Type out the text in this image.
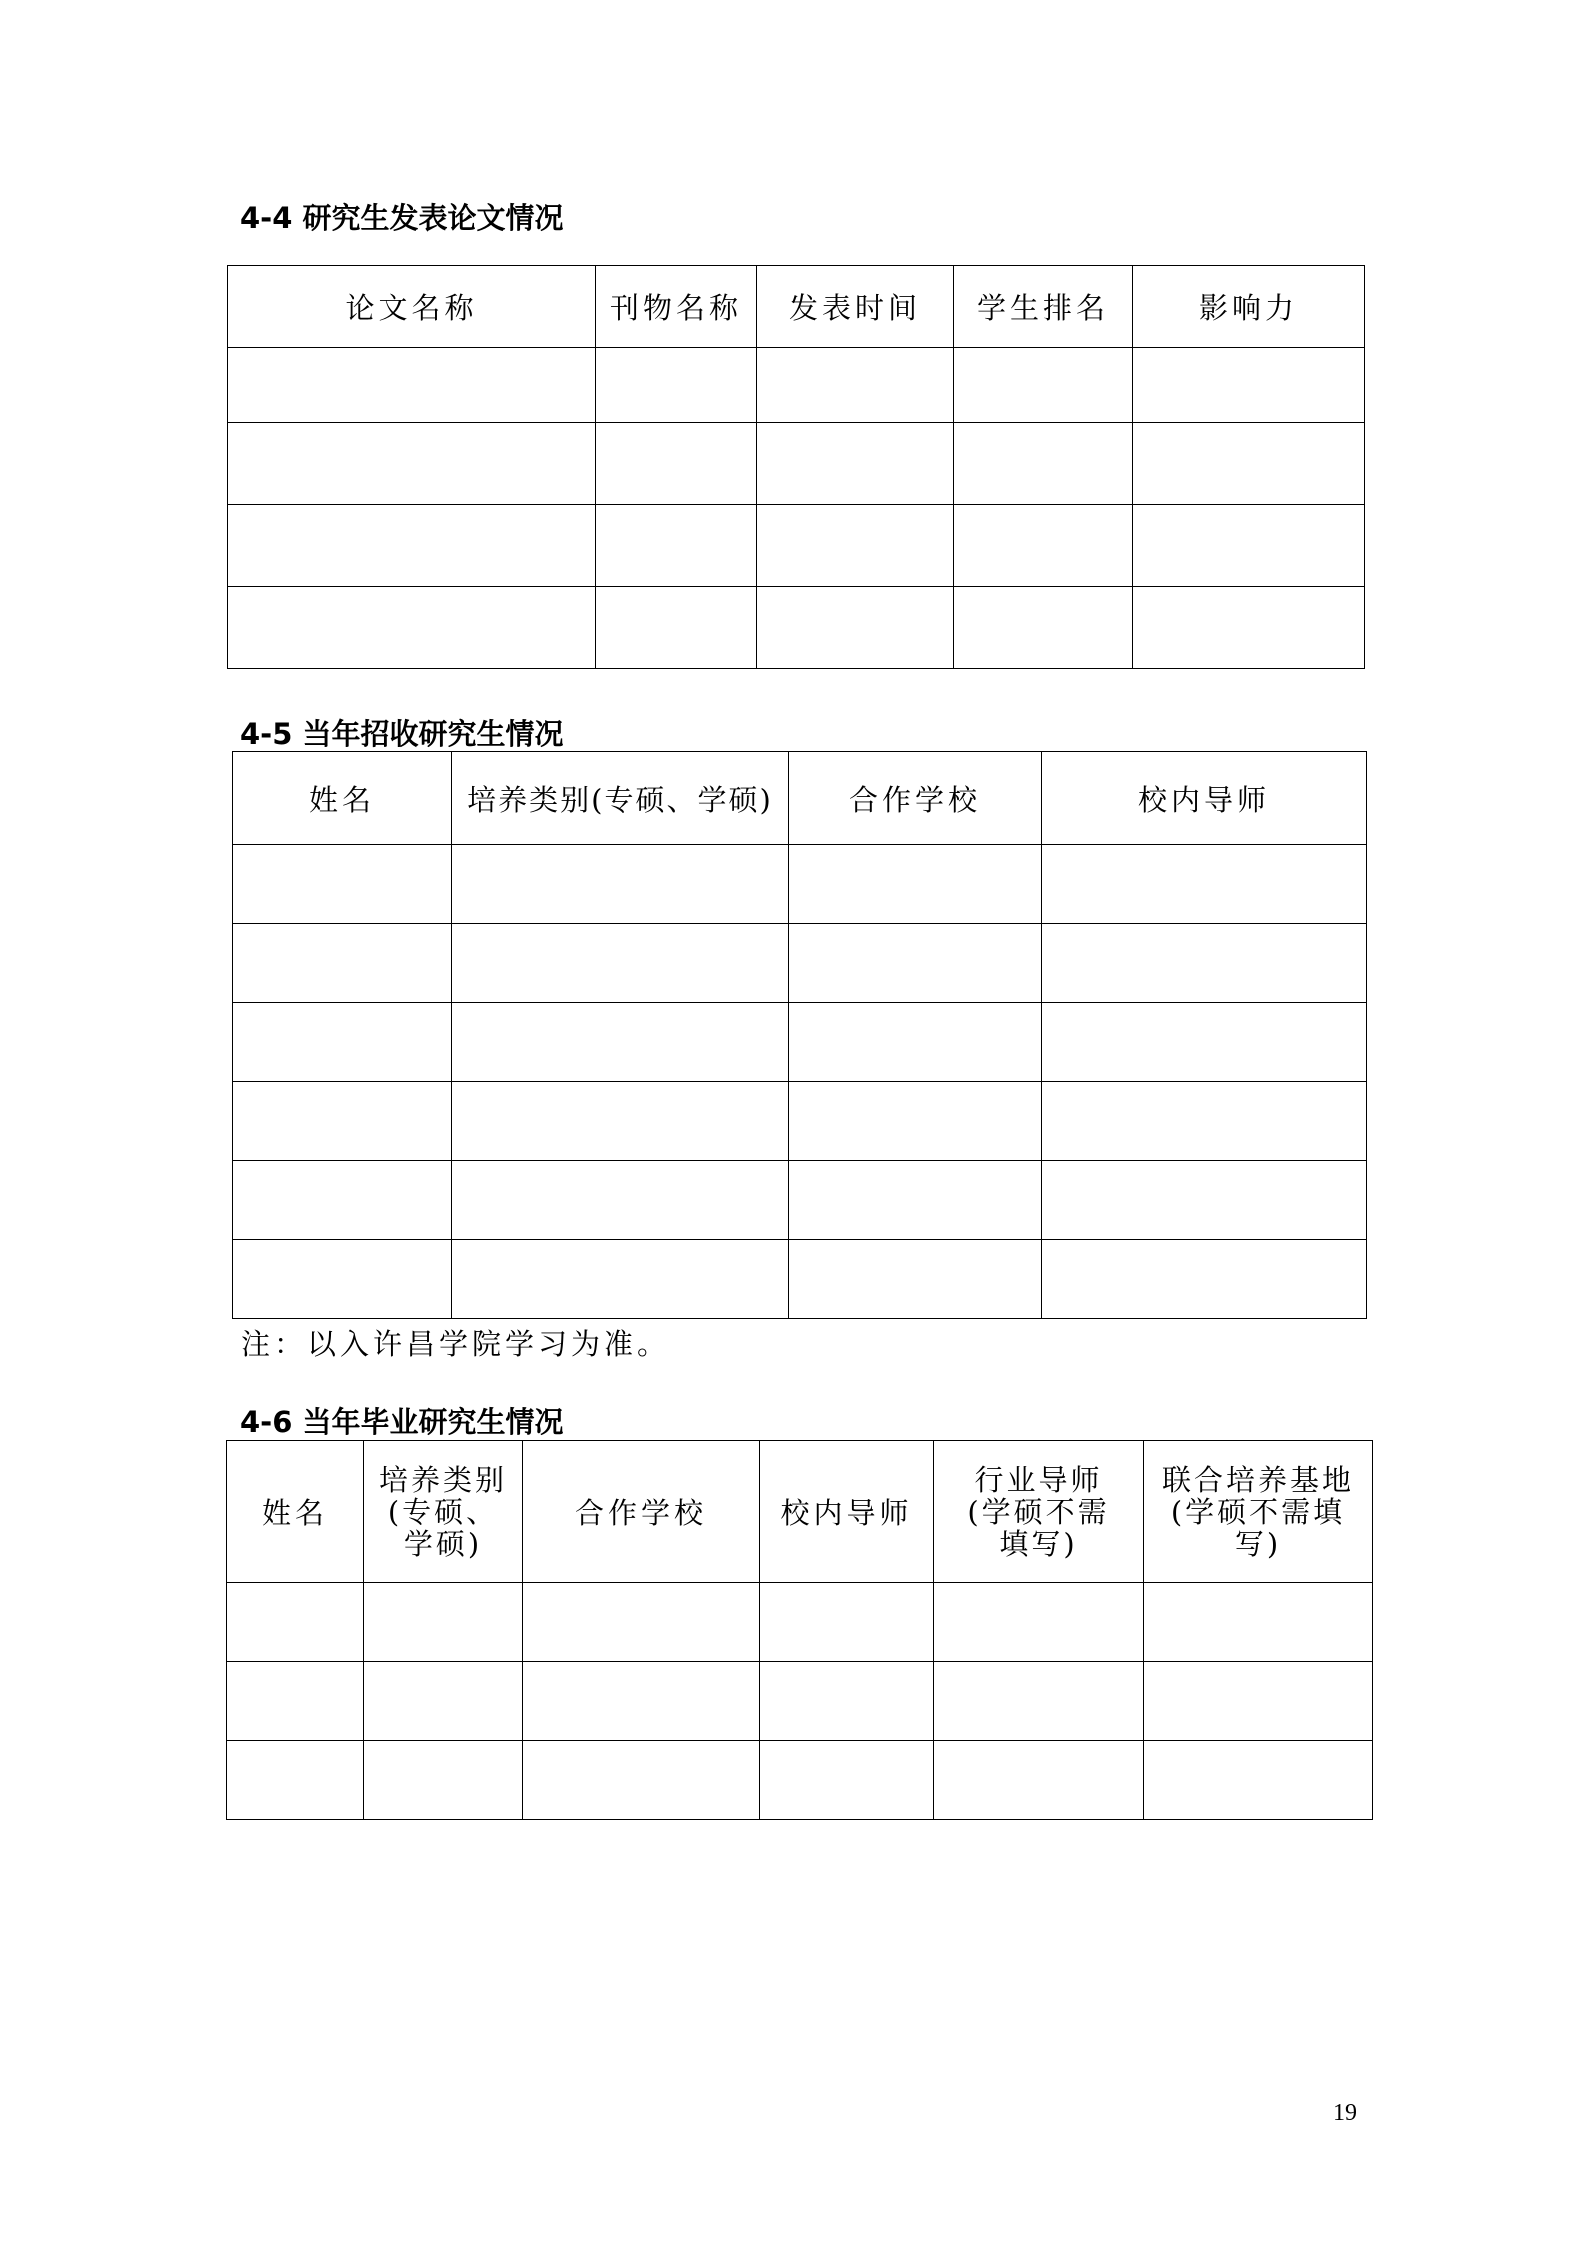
4-4 研究生发表论文情况
论文名称	刊物名称	发表时间	学生排名	影响力

4-5 当年招收研究生情况
姓名	培养类别(专硕、学硕)	合作学校	校内导师

注：以入许昌学院学习为准。
4-6 当年毕业研究生情况
姓名	培养类别(专硕、学硕)	合作学校	校内导师	行业导师(学硕不需填写)	联合培养基地(学硕不需填写)

19
